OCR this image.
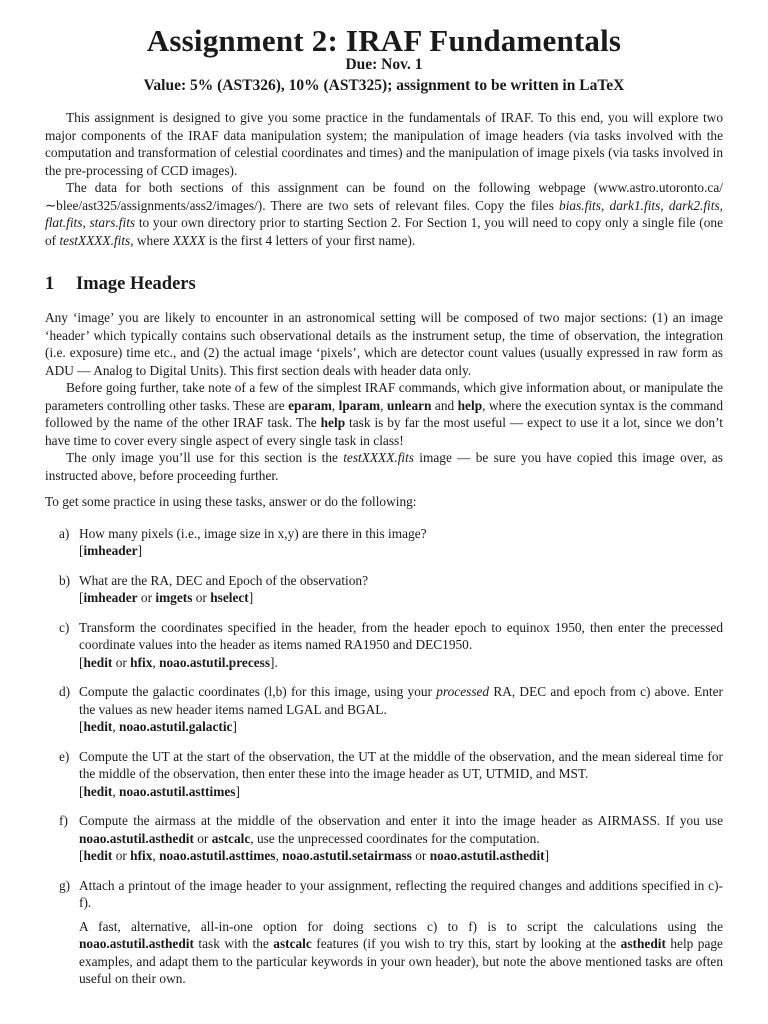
Assignment 2: IRAF Fundamentals
Due: Nov. 1
Value: 5% (AST326), 10% (AST325); assignment to be written in LaTeX

This assignment is designed to give you some practice in the fundamentals of IRAF. To this end, you will explore two major components of the IRAF data manipulation system; the manipulation of image headers (via tasks involved with the computation and transformation of celestial coordinates and times) and the manipulation of image pixels (via tasks involved in the pre-processing of CCD images).

The data for both sections of this assignment can be found on the following webpage (www.astro.utoronto.ca/∼blee/ast325/assignments/ass2/images/). There are two sets of relevant files. Copy the files bias.fits, dark1.fits, dark2.fits, flat.fits, stars.fits to your own directory prior to starting Section 2. For Section 1, you will need to copy only a single file (one of testXXXX.fits, where XXXX is the first 4 letters of your first name).

1 Image Headers

Any ‘image’ you are likely to encounter in an astronomical setting will be composed of two major sections: (1) an image ‘header’ which typically contains such observational details as the instrument setup, the time of observation, the integration (i.e. exposure) time etc., and (2) the actual image ‘pixels’, which are detector count values (usually expressed in raw form as ADU — Analog to Digital Units). This first section deals with header data only.

Before going further, take note of a few of the simplest IRAF commands, which give information about, or manipulate the parameters controlling other tasks. These are eparam, lparam, unlearn and help, where the execution syntax is the command followed by the name of the other IRAF task. The help task is by far the most useful — expect to use it a lot, since we don’t have time to cover every single aspect of every single task in class!

The only image you’ll use for this section is the testXXXX.fits image — be sure you have copied this image over, as instructed above, before proceeding further.

To get some practice in using these tasks, answer or do the following:

a) How many pixels (i.e., image size in x,y) are there in this image?

[imheader]
b) What are the RA, DEC and Epoch of the observation?

[imheader or imgets or hselect]
c) Transform the coordinates specified in the header, from the header epoch to equinox 1950, then enter the precessed coordinate values into the header as items named RA1950 and DEC1950.

[hedit or hfix, noao.astutil.precess].
d) Compute the galactic coordinates (l,b) for this image, using your processed RA, DEC and epoch from c) above. Enter the values as new header items named LGAL and BGAL.

[hedit, noao.astutil.galactic]
e) Compute the UT at the start of the observation, the UT at the middle of the observation, and the mean sidereal time for the middle of the observation, then enter these into the image header as UT, UTMID, and MST.

[hedit, noao.astutil.asttimes]
f) Compute the airmass at the middle of the observation and enter it into the image header as AIRMASS. If you use noao.astutil.asthedit or astcalc, use the unprecessed coordinates for the computation.

[hedit or hfix, noao.astutil.asttimes, noao.astutil.setairmass or noao.astutil.asthedit]
g) Attach a printout of the image header to your assignment, reflecting the required changes and additions specified in c)-f).

A fast, alternative, all-in-one option for doing sections c) to f) is to script the calculations using the noao.astutil.asthedit task with the astcalc features (if you wish to try this, start by looking at the asthedit help page examples, and adapt them to the particular keywords in your own header), but note the above mentioned tasks are often useful on their own.
